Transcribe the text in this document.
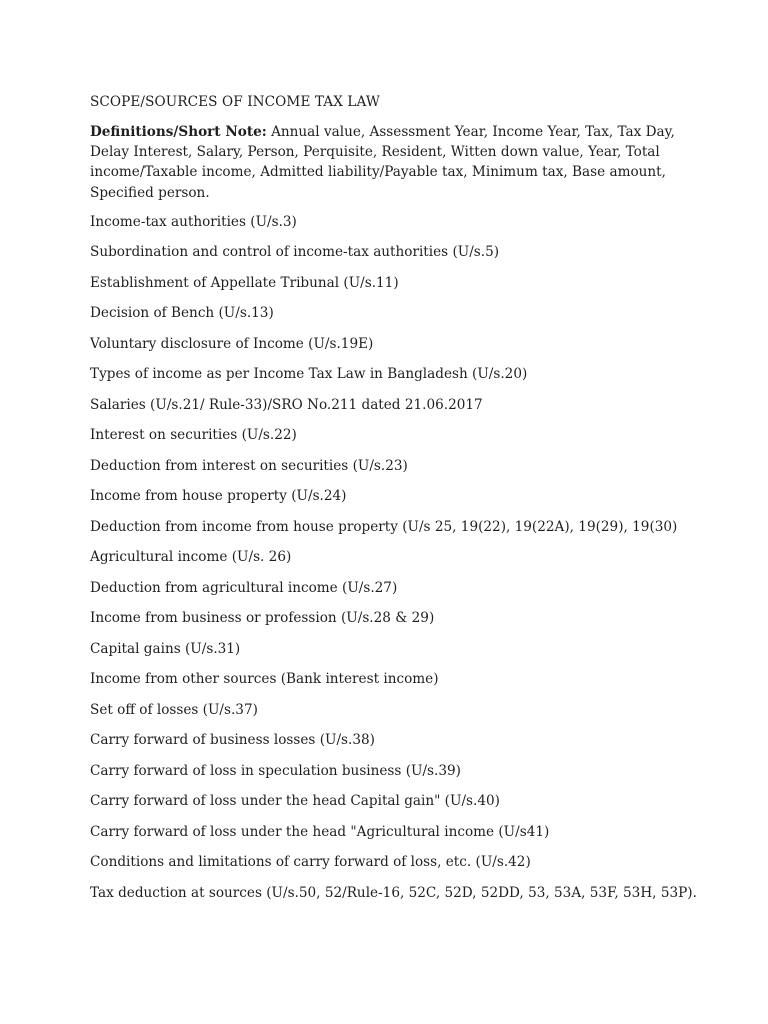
SCOPE/SOURCES OF INCOME TAX LAW

Definitions/Short Note: Annual value, Assessment Year, Income Year, Tax, Tax Day, Delay Interest, Salary, Person, Perquisite, Resident, Witten down value, Year, Total income/Taxable income, Admitted liability/Payable tax, Minimum tax, Base amount, Specified person.

Income-tax authorities (U/s.3)
Subordination and control of income-tax authorities (U/s.5)
Establishment of Appellate Tribunal (U/s.11)
Decision of Bench (U/s.13)
Voluntary disclosure of Income (U/s.19E)
Types of income as per Income Tax Law in Bangladesh (U/s.20)
Salaries (U/s.21/ Rule-33)/SRO No.211 dated 21.06.2017
Interest on securities (U/s.22)
Deduction from interest on securities (U/s.23)
Income from house property (U/s.24)
Deduction from income from house property (U/s 25, 19(22), 19(22A), 19(29), 19(30)
Agricultural income (U/s. 26)
Deduction from agricultural income (U/s.27)
Income from business or profession (U/s.28 & 29)
Capital gains (U/s.31)
Income from other sources (Bank interest income)
Set off of losses (U/s.37)
Carry forward of business losses (U/s.38)
Carry forward of loss in speculation business (U/s.39)
Carry forward of loss under the head Capital gain" (U/s.40)
Carry forward of loss under the head "Agricultural income (U/s41)
Conditions and limitations of carry forward of loss, etc. (U/s.42)
Tax deduction at sources (U/s.50, 52/Rule-16, 52C, 52D, 52DD, 53, 53A, 53F, 53H, 53P).
